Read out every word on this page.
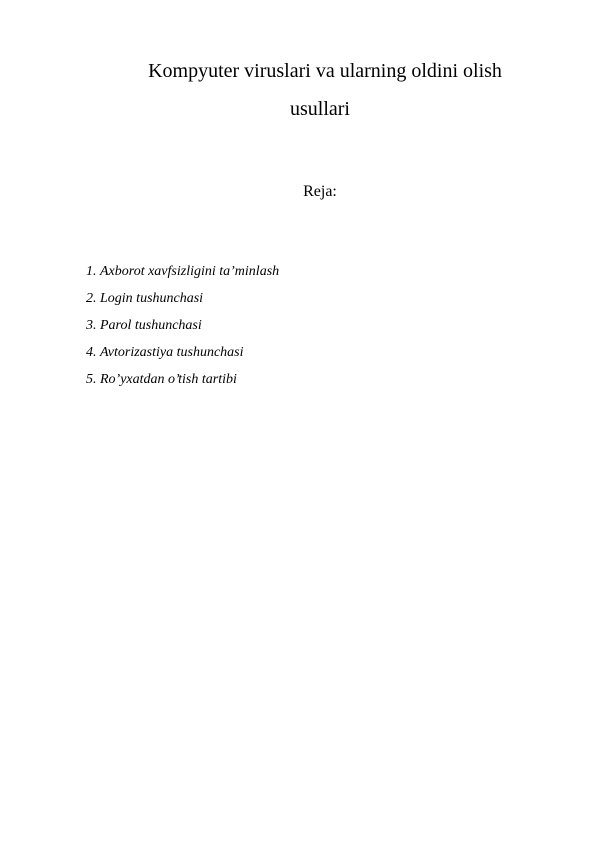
Kompyuter viruslari va ularning oldini olish
usullari
Reja:
1. Axborot xavfsizligini ta’minlash
2. Login tushunchasi
3. Parol tushunchasi
4. Avtorizastiya tushunchasi
5. Ro’yxatdan o’tish tartibi
